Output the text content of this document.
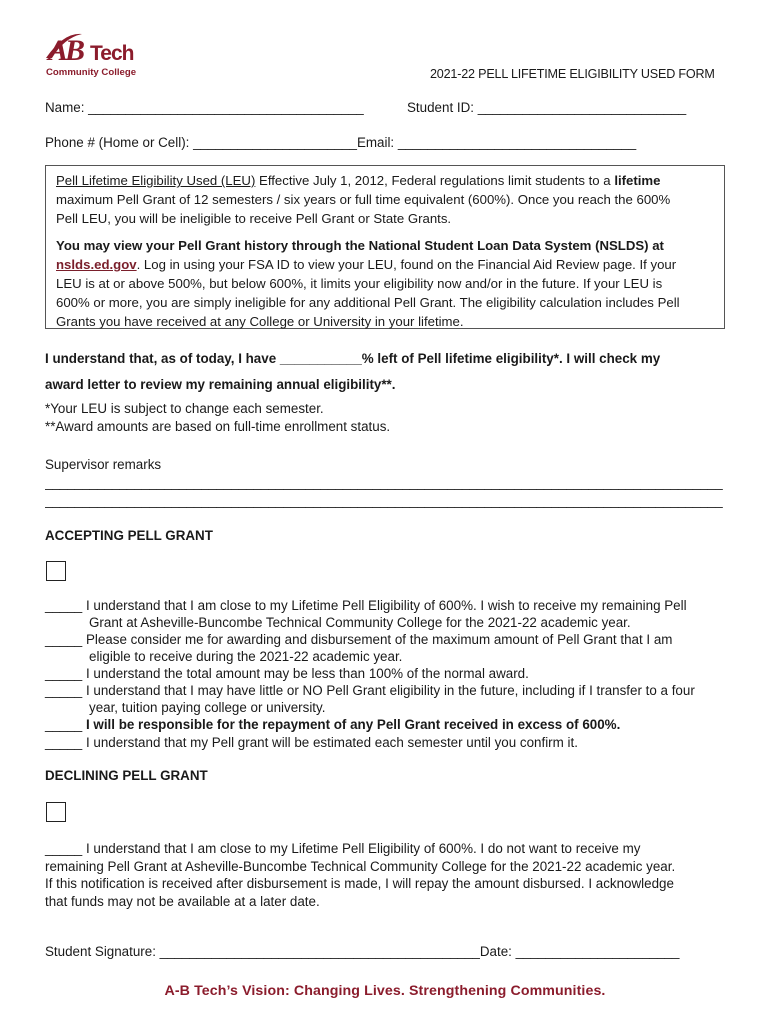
AB Tech
Community College	2021-22 PELL LIFETIME ELIGIBILITY USED FORM
Name: _____________________________________	Student ID: ____________________________
Phone # (Home or Cell): ______________________Email: ________________________________

Pell Lifetime Eligibility Used (LEU) Effective July 1, 2012, Federal regulations limit students to a lifetime
maximum Pell Grant of 12 semesters / six years or full time equivalent (600%). Once you reach the 600%
Pell LEU, you will be ineligible to receive Pell Grant or State Grants.

You may view your Pell Grant history through the National Student Loan Data System (NSLDS) at
nslds.ed.gov. Log in using your FSA ID to view your LEU, found on the Financial Aid Review page. If your
LEU is at or above 500%, but below 600%, it limits your eligibility now and/or in the future. If your LEU is
600% or more, you are simply ineligible for any additional Pell Grant. The eligibility calculation includes Pell
Grants you have received at any College or University in your lifetime.

I understand that, as of today, I have ___________% left of Pell lifetime eligibility*. I will check my
award letter to review my remaining annual eligibility**.
*Your LEU is subject to change each semester.
**Award amounts are based on full-time enrollment status.
Supervisor remarks
___________________________________________________________________________________________
___________________________________________________________________________________________
ACCEPTING PELL GRANT
_____ I understand that I am close to my Lifetime Pell Eligibility of 600%. I wish to receive my remaining Pell
Grant at Asheville-Buncombe Technical Community College for the 2021-22 academic year.
_____ Please consider me for awarding and disbursement of the maximum amount of Pell Grant that I am
eligible to receive during the 2021-22 academic year.
_____ I understand the total amount may be less than 100% of the normal award.
_____ I understand that I may have little or NO Pell Grant eligibility in the future, including if I transfer to a four
year, tuition paying college or university.
_____ I will be responsible for the repayment of any Pell Grant received in excess of 600%.
_____ I understand that my Pell grant will be estimated each semester until you confirm it.
DECLINING PELL GRANT
_____ I understand that I am close to my Lifetime Pell Eligibility of 600%. I do not want to receive my
remaining Pell Grant at Asheville-Buncombe Technical Community College for the 2021-22 academic year.
If this notification is received after disbursement is made, I will repay the amount disbursed. I acknowledge
that funds may not be available at a later date.
Student Signature: ___________________________________________Date: ______________________
A-B Tech’s Vision: Changing Lives. Strengthening Communities.
